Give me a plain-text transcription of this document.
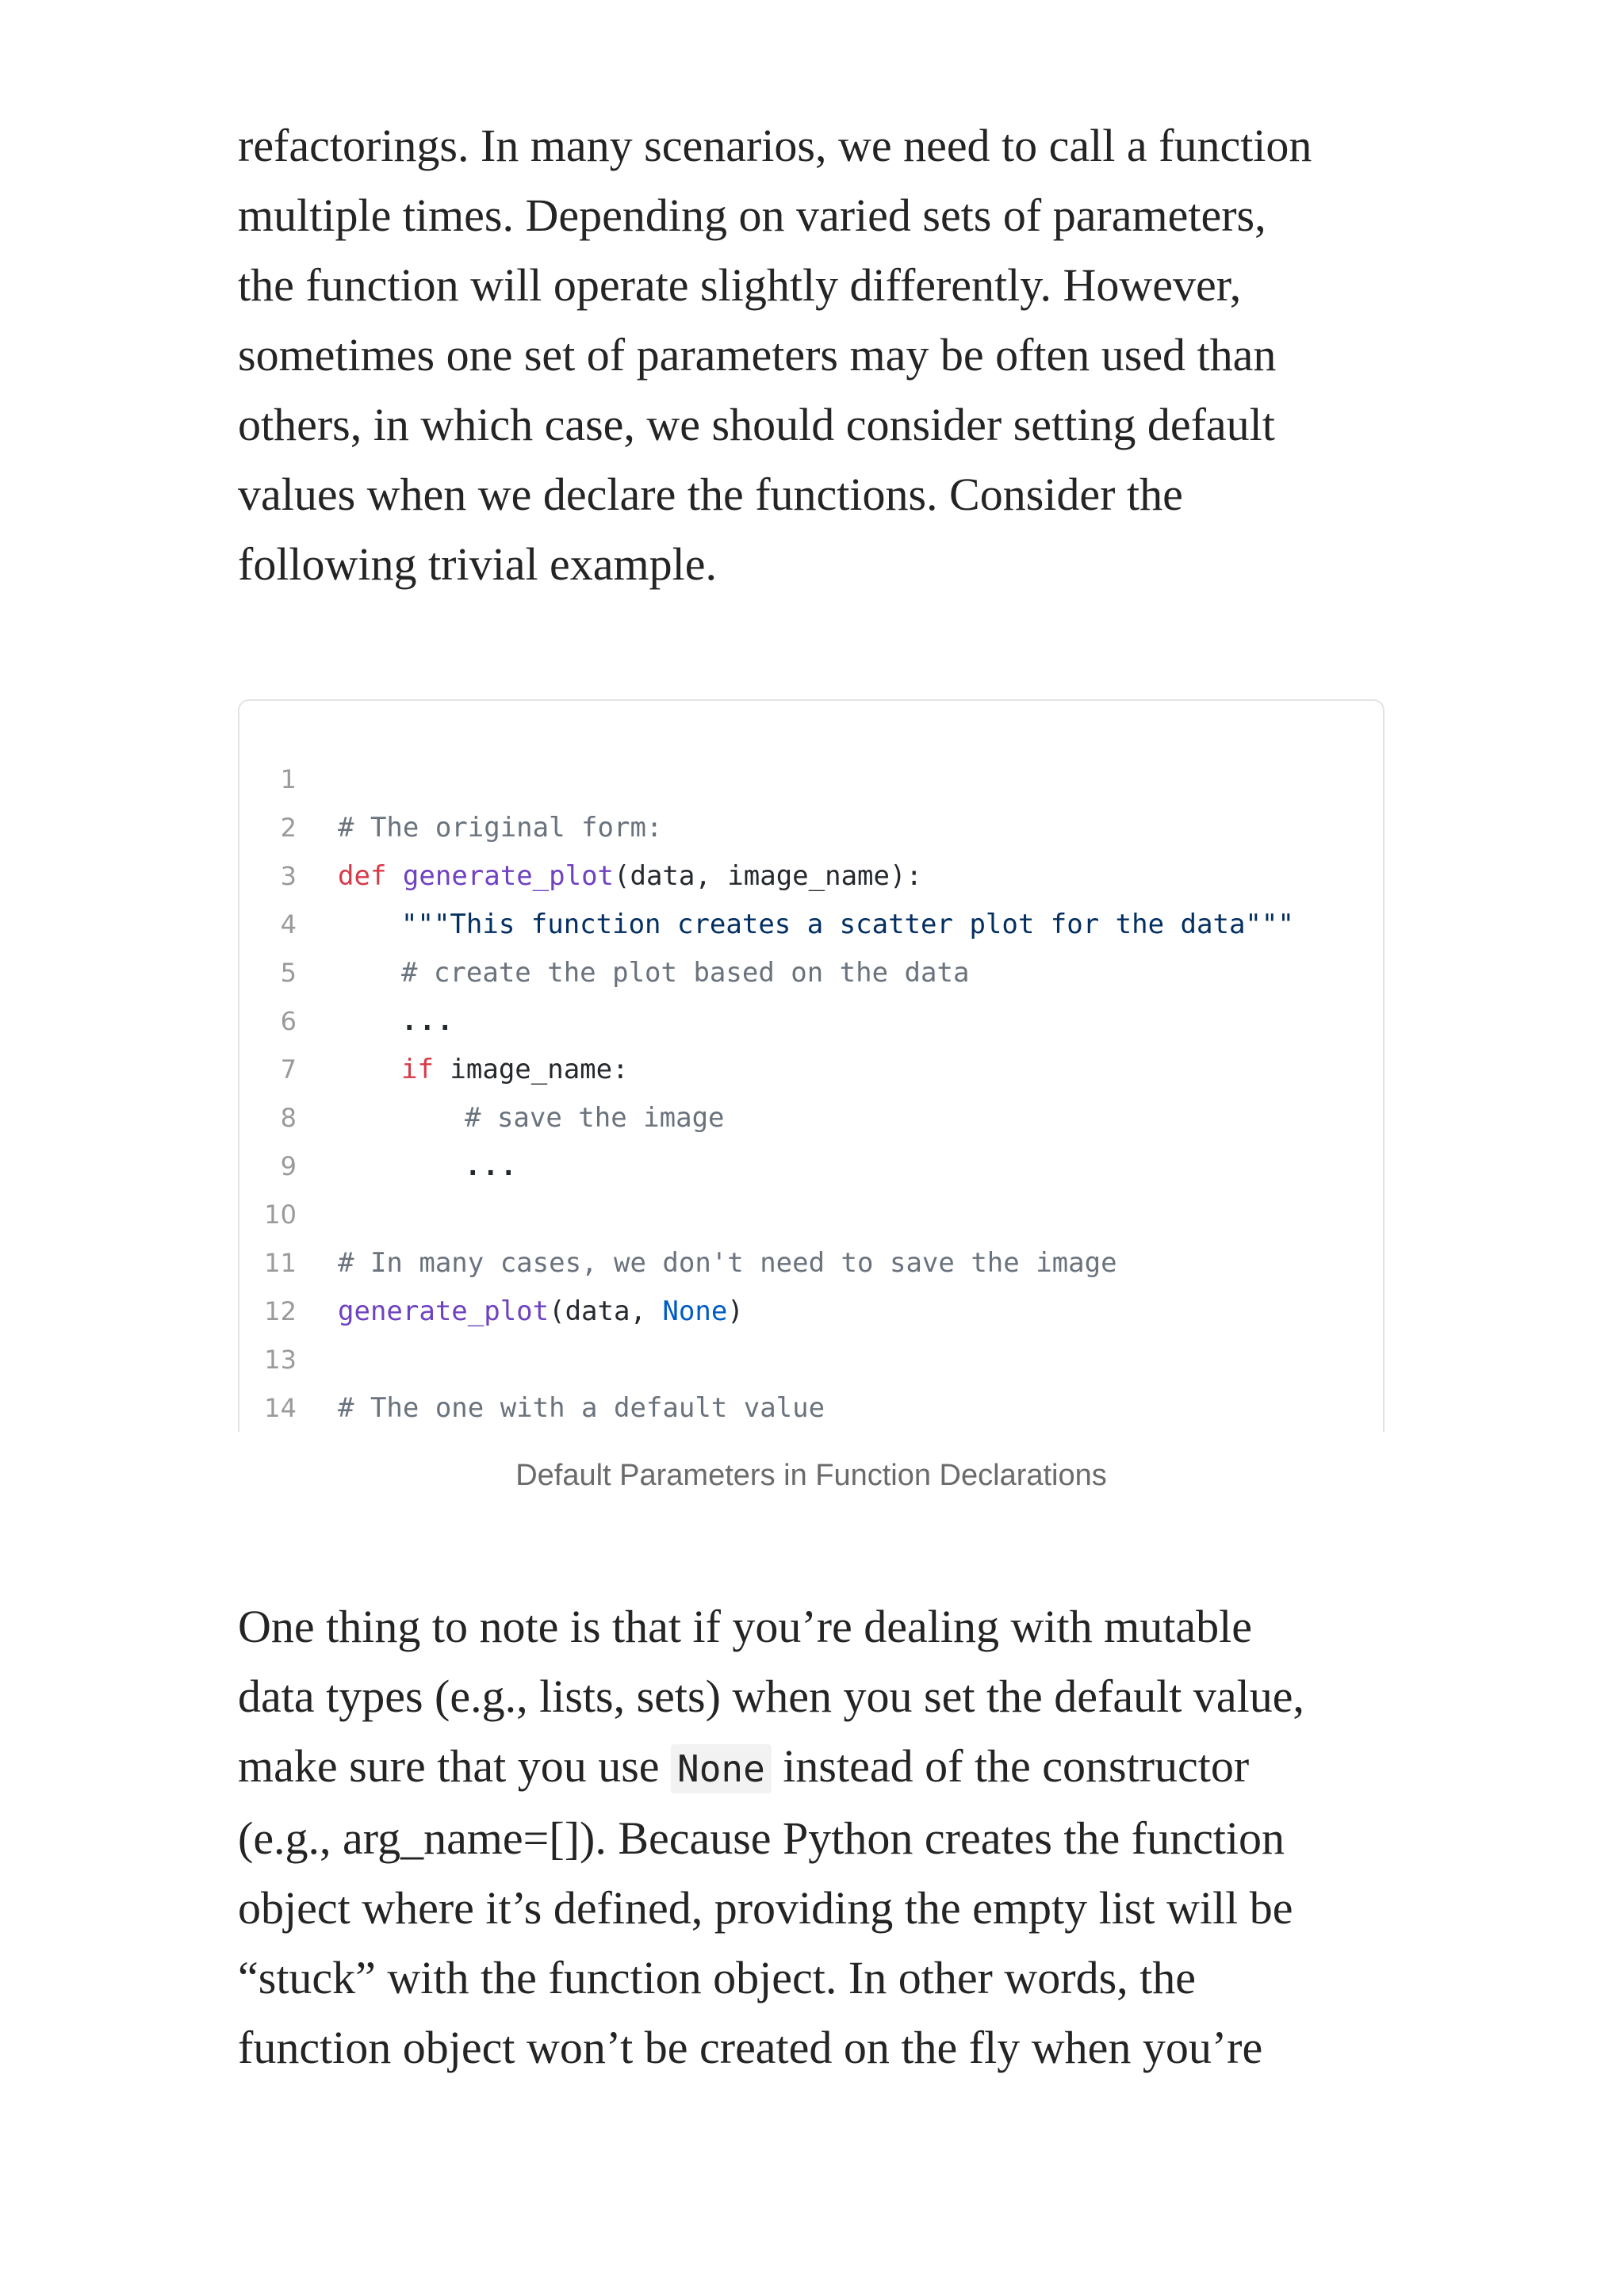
refactorings. In many scenarios, we need to call a function
multiple times. Depending on varied sets of parameters,
the function will operate slightly differently. However,
sometimes one set of parameters may be often used than
others, in which case, we should consider setting default
values when we declare the functions. Consider the
following trivial example.

1

# The original form:

2

def generate_plot(data, image_name):

3

"""This function creates a scatter plot for the data"""

4

# create the plot based on the data

5

...

6

if image_name:

7

# save the image

8

...

9

10

# In many cases, we don't need to save the image

11

generate_plot(data, None)

12

13

# The one with a default value

14

Default Parameters in Function Declarations
One thing to note is that if you’re dealing with mutable
data types (e.g., lists, sets) when you set the default value,
make sure that you use None instead of the constructor
(e.g., arg_name=[]). Because Python creates the function
object where it’s defined, providing the empty list will be
“stuck” with the function object. In other words, the
function object won’t be created on the fly when you’re
